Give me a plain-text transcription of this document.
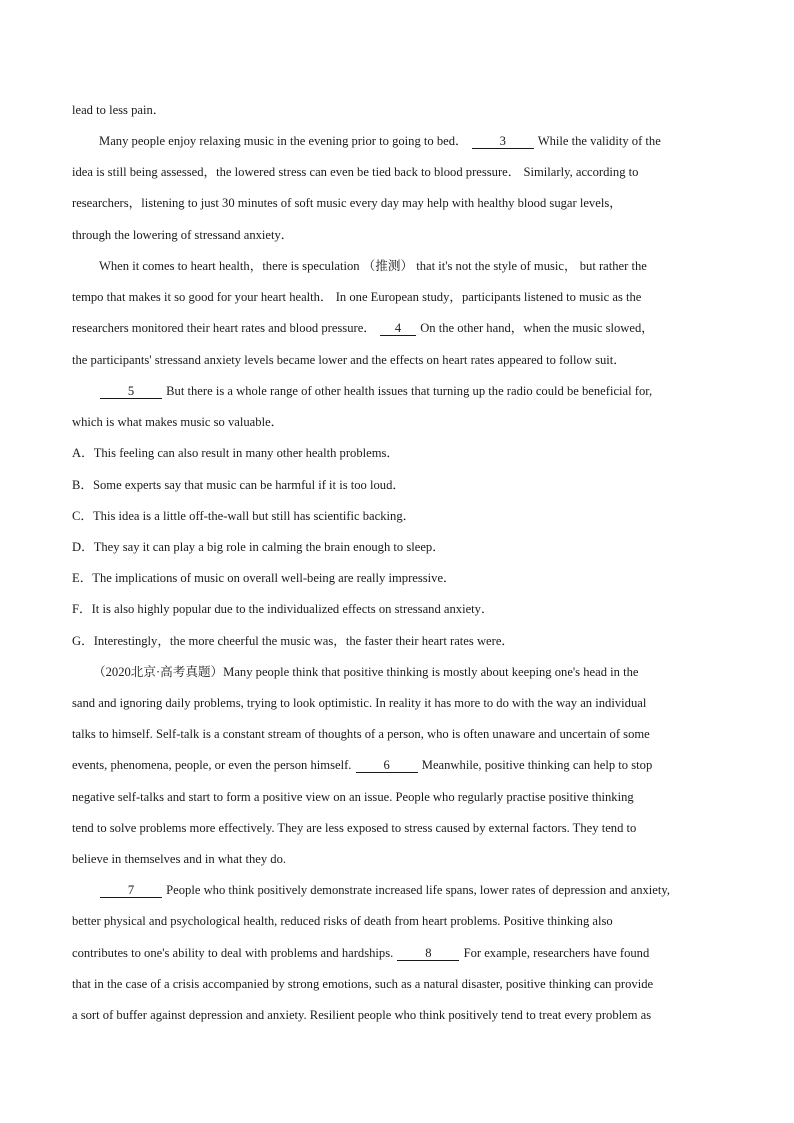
lead to less pain．
Many people enjoy relaxing music in the evening prior to going to bed．	3	While the validity of the
idea is still being assessed，the lowered stress can even be tied back to blood pressure． Similarly, according to
researchers，listening to just 30 minutes of soft music every day may help with healthy blood sugar levels，
through the lowering of stressand anxiety．
When it comes to heart health，there is speculation （推测） that it's not the style of music， but rather the
tempo that makes it so good for your heart health． In one European study，participants listened to music as the
researchers monitored their heart rates and blood pressure． 4 On the other hand，when the music slowed，
the participants' stressand anxiety levels became lower and the effects on heart rates appeared to follow suit．
5	But there is a whole range of other health issues that turning up the radio could be beneficial for,
which is what makes music so valuable．
A．This feeling can also result in many other health problems．
B．Some experts say that music can be harmful if it is too loud．
C．This idea is a little off-the-wall but still has scientific backing．
D．They say it can play a big role in calming the brain enough to sleep．
E．The implications of music on overall well-being are really impressive．
F．It is also highly popular due to the individualized effects on stressand anxiety．
G．Interestingly，the more cheerful the music was，the faster their heart rates were．
（2020北京·高考真题）Many people think that positive thinking is mostly about keeping one's head in the
sand and ignoring daily problems, trying to look optimistic. In reality it has more to do with the way an individual
talks to himself. Self-talk is a constant stream of thoughts of a person, who is often unaware and uncertain of some
events, phenomena, people, or even the person himself.	6	Meanwhile, positive thinking can help to stop
negative self-talks and start to form a positive view on an issue. People who regularly practise positive thinking
tend to solve problems more effectively. They are less exposed to stress caused by external factors. They tend to
believe in themselves and in what they do.
7	People who think positively demonstrate increased life spans, lower rates of depression and anxiety,
better physical and psychological health, reduced risks of death from heart problems. Positive thinking also
contributes to one's ability to deal with problems and hardships.	8	For example, researchers have found
that in the case of a crisis accompanied by strong emotions, such as a natural disaster, positive thinking can provide
a sort of buffer against depression and anxiety. Resilient people who think positively tend to treat every problem as
